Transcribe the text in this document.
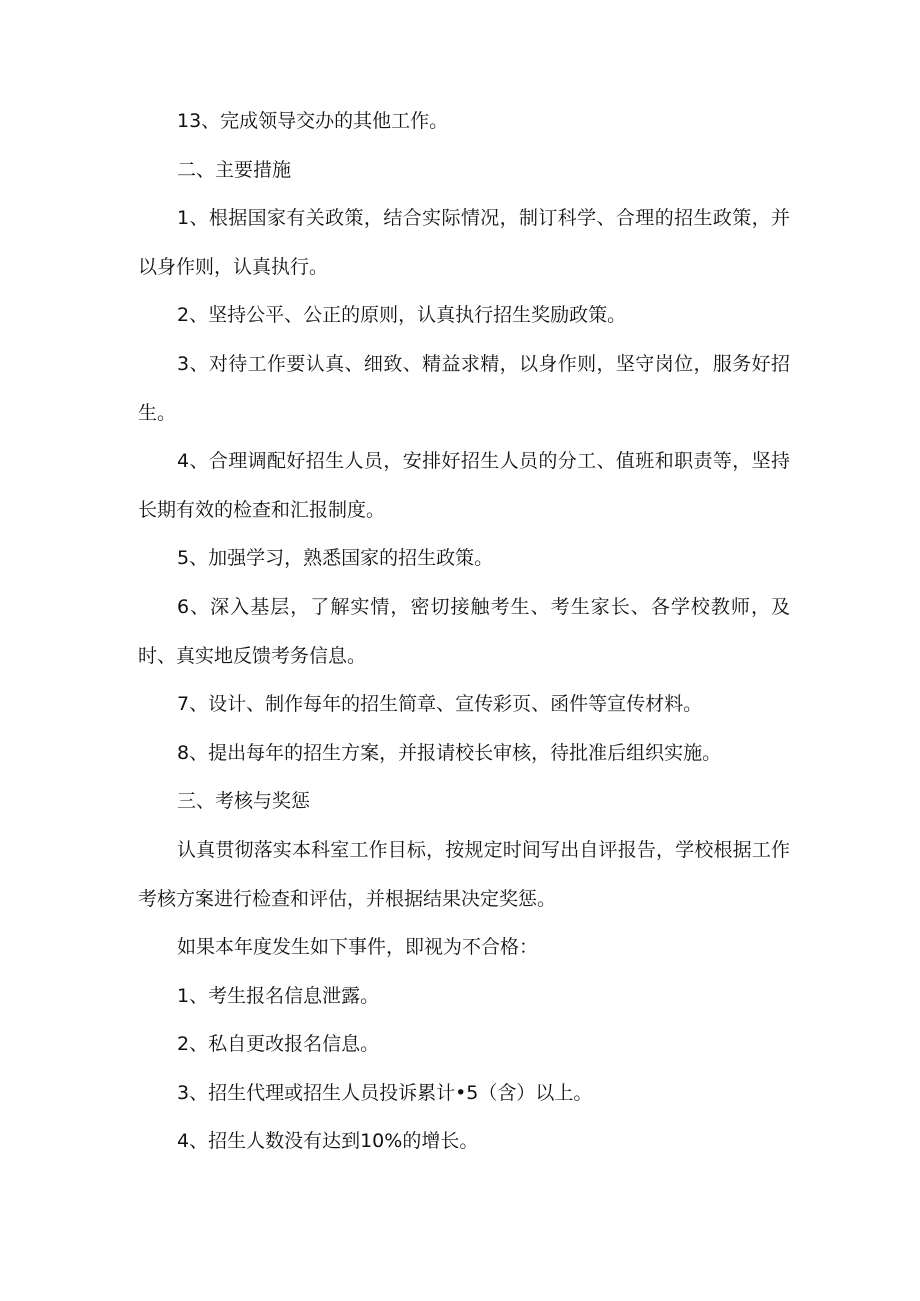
13、完成领导交办的其他工作。

二、主要措施

1、根据国家有关政策，结合实际情况，制订科学、合理的招生政策，并以身作则，认真执行。

2、坚持公平、公正的原则，认真执行招生奖励政策。

3、对待工作要认真、细致、精益求精，以身作则，坚守岗位，服务好招生。

4、合理调配好招生人员，安排好招生人员的分工、值班和职责等，坚持长期有效的检查和汇报制度。

5、加强学习，熟悉国家的招生政策。

6、深入基层，了解实情，密切接触考生、考生家长、各学校教师，及时、真实地反馈考务信息。

7、设计、制作每年的招生简章、宣传彩页、函件等宣传材料。

8、提出每年的招生方案，并报请校长审核，待批准后组织实施。

三、考核与奖惩

认真贯彻落实本科室工作目标，按规定时间写出自评报告，学校根据工作考核方案进行检查和评估，并根据结果决定奖惩。

如果本年度发生如下事件，即视为不合格：

1、考生报名信息泄露。

2、私自更改报名信息。

3、招生代理或招生人员投诉累计•5（含）以上。

4、招生人数没有达到10%的增长。
